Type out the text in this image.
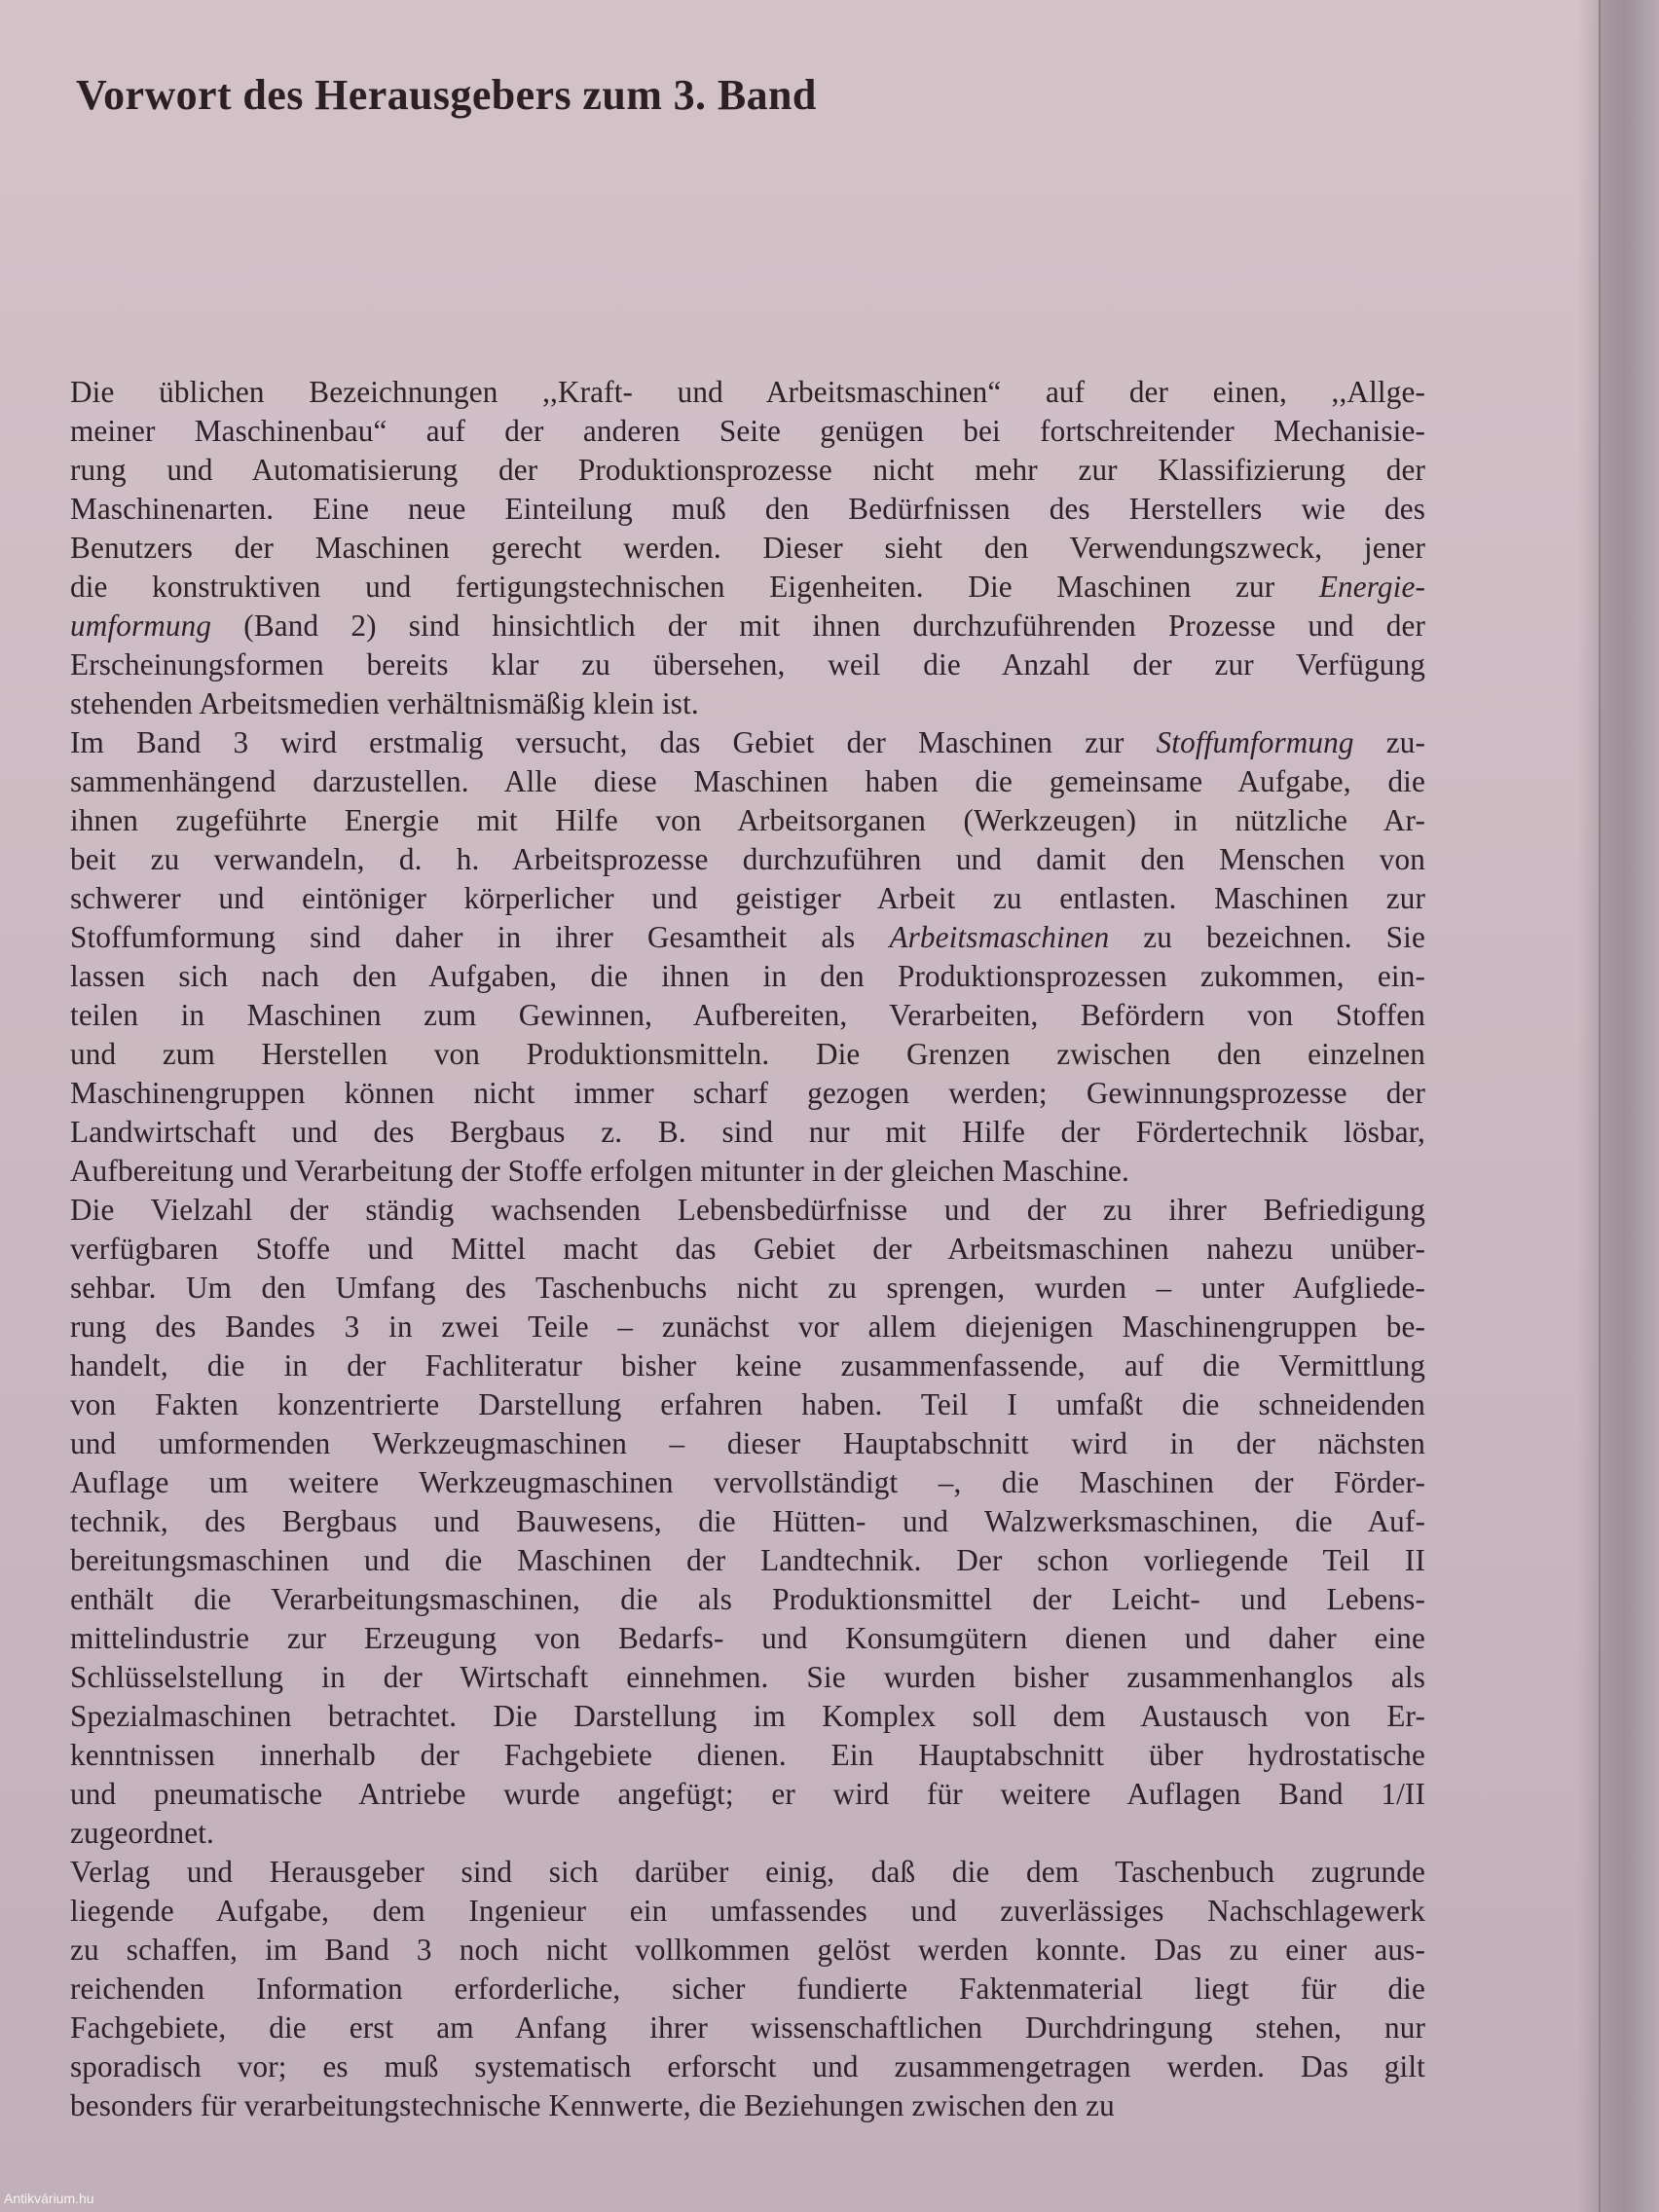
Vorwort des Herausgebers zum 3. Band
Die üblichen Bezeichnungen ,,Kraft- und Arbeitsmaschinen“ auf der einen, ,,Allge-
meiner Maschinenbau“ auf der anderen Seite genügen bei fortschreitender Mechanisie-
rung und Automatisierung der Produktionsprozesse nicht mehr zur Klassifizierung der
Maschinenarten. Eine neue Einteilung muß den Bedürfnissen des Herstellers wie des
Benutzers der Maschinen gerecht werden. Dieser sieht den Verwendungszweck, jener
die konstruktiven und fertigungstechnischen Eigenheiten. Die Maschinen zur Energie-
umformung (Band 2) sind hinsichtlich der mit ihnen durchzuführenden Prozesse und der
Erscheinungsformen bereits klar zu übersehen, weil die Anzahl der zur Verfügung
stehenden Arbeitsmedien verhältnismäßig klein ist.
Im Band 3 wird erstmalig versucht, das Gebiet der Maschinen zur Stoffumformung zu-
sammenhängend darzustellen. Alle diese Maschinen haben die gemeinsame Aufgabe, die
ihnen zugeführte Energie mit Hilfe von Arbeitsorganen (Werkzeugen) in nützliche Ar-
beit zu verwandeln, d. h. Arbeitsprozesse durchzuführen und damit den Menschen von
schwerer und eintöniger körperlicher und geistiger Arbeit zu entlasten. Maschinen zur
Stoffumformung sind daher in ihrer Gesamtheit als Arbeitsmaschinen zu bezeichnen. Sie
lassen sich nach den Aufgaben, die ihnen in den Produktionsprozessen zukommen, ein-
teilen in Maschinen zum Gewinnen, Aufbereiten, Verarbeiten, Befördern von Stoffen
und zum Herstellen von Produktionsmitteln. Die Grenzen zwischen den einzelnen
Maschinengruppen können nicht immer scharf gezogen werden; Gewinnungsprozesse der
Landwirtschaft und des Bergbaus z. B. sind nur mit Hilfe der Fördertechnik lösbar,
Aufbereitung und Verarbeitung der Stoffe erfolgen mitunter in der gleichen Maschine.
Die Vielzahl der ständig wachsenden Lebensbedürfnisse und der zu ihrer Befriedigung
verfügbaren Stoffe und Mittel macht das Gebiet der Arbeitsmaschinen nahezu unüber-
sehbar. Um den Umfang des Taschenbuchs nicht zu sprengen, wurden – unter Aufgliede-
rung des Bandes 3 in zwei Teile – zunächst vor allem diejenigen Maschinengruppen be-
handelt, die in der Fachliteratur bisher keine zusammenfassende, auf die Vermittlung
von Fakten konzentrierte Darstellung erfahren haben. Teil I umfaßt die schneidenden
und umformenden Werkzeugmaschinen – dieser Hauptabschnitt wird in der nächsten
Auflage um weitere Werkzeugmaschinen vervollständigt –, die Maschinen der Förder-
technik, des Bergbaus und Bauwesens, die Hütten- und Walzwerksmaschinen, die Auf-
bereitungsmaschinen und die Maschinen der Landtechnik. Der schon vorliegende Teil II
enthält die Verarbeitungsmaschinen, die als Produktionsmittel der Leicht- und Lebens-
mittelindustrie zur Erzeugung von Bedarfs- und Konsumgütern dienen und daher eine
Schlüsselstellung in der Wirtschaft einnehmen. Sie wurden bisher zusammenhanglos als
Spezialmaschinen betrachtet. Die Darstellung im Komplex soll dem Austausch von Er-
kenntnissen innerhalb der Fachgebiete dienen. Ein Hauptabschnitt über hydrostatische
und pneumatische Antriebe wurde angefügt; er wird für weitere Auflagen Band 1/II
zugeordnet.
Verlag und Herausgeber sind sich darüber einig, daß die dem Taschenbuch zugrunde
liegende Aufgabe, dem Ingenieur ein umfassendes und zuverlässiges Nachschlagewerk
zu schaffen, im Band 3 noch nicht vollkommen gelöst werden konnte. Das zu einer aus-
reichenden Information erforderliche, sicher fundierte Faktenmaterial liegt für die
Fachgebiete, die erst am Anfang ihrer wissenschaftlichen Durchdringung stehen, nur
sporadisch vor; es muß systematisch erforscht und zusammengetragen werden. Das gilt
besonders für verarbeitungstechnische Kennwerte, die Beziehungen zwischen den zu
Antikvárium.hu
